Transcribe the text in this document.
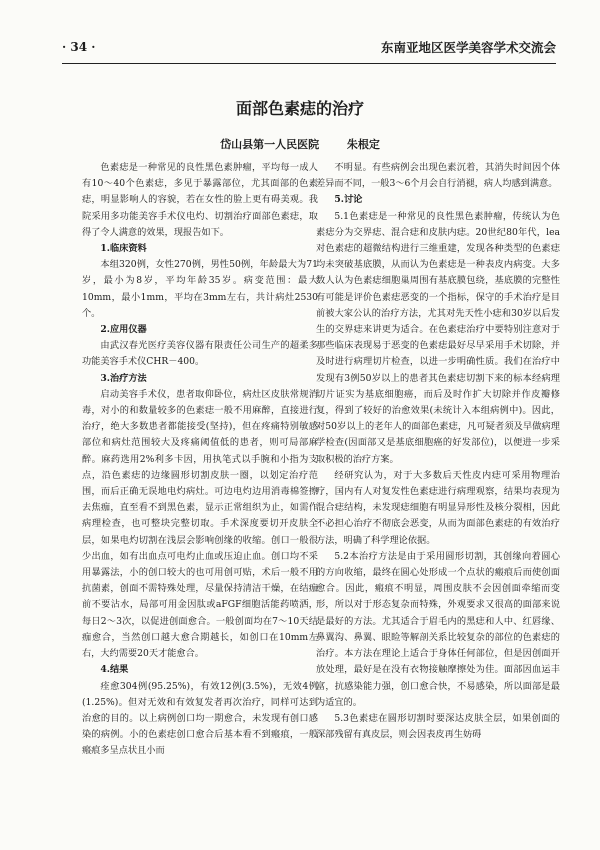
· 34 ·	东南亚地区医学美容学术交流会
面部色素痣的治疗
岱山县第一人民医院	朱根定

色素痣是一种常见的良性黑色素肿瘤，平均每一成人有10～40个色素痣，多见于暴露部位，尤其面部的色素痣，明显影响人的容貌，若在女性的脸上更有碍美观。我院采用多功能美容手术仪电灼、切割治疗面部色素痣，取得了令人满意的效果，现报告如下。

1.临床资料

本组320例，女性270例，男性50例，年龄最大为71岁，最小为8岁，平均年龄35岁。病变范围：最大10mm，最小1mm，平均在3mm左右，共计病灶2530个。

2.应用仪器

由武汉春光医疗美容仪器有限责任公司生产的超柔多功能美容手术仪CHR－400。

3.治疗方法

启动美容手术仪，患者取仰卧位，病灶区皮肤常规消毒，对小的和数量较多的色素痣一般不用麻醉，直接进行治疗，绝大多数患者都能接受(坚持)，但在疼痛特别敏感部位和病灶范围较大及疼痛阈值低的患者，则可局部麻醉。麻药选用2%利多卡因，用执笔式以手腕和小指为支点，沿色素痣的边缘圆形切割皮肤一圈，以划定治疗范围，而后正确无误地电灼病灶。可边电灼边用消毒棉签擦去焦痂，直至看不到黑色素，显示正常组织为止，如需作病理检查，也可整块完整切取。手术深度要切开皮肤全层，如果电灼切割在浅层会影响创缘的收缩。创口一般很少出血，如有出血点可电灼止血或压迫止血。创口均不采用暴露法，小的创口较大的也可用创可贴，术后一般不用抗菌素，创面不需特殊处理，尽量保持清洁干燥，在结痂前不要沾水，局部可用金因肽或aFGF细胞活能药喷洒，每日2～3次，以促进创面愈合。一般创面均在7～10天结痂愈合，当然创口越大愈合期越长，如创口在10mm左右，大约需要20天才能愈合。

4.结果

痊愈304例(95.25%)，有效12例(3.5%)，无效4例(1.25%)。但对无效和有效复发者再次治疗，同样可达到治愈的目的。以上病例创口均一期愈合，未发现有创口感染的病例。小的色素痣创口愈合后基本看不到瘢痕，一般瘢痕多呈点状且小而

不明显。有些病例会出现色素沉着，其消失时间因个体差异而不同，一般3～6个月会自行消褪，病人均感到满意。

5.讨论

5.1色素痣是一种常见的良性黑色素肿瘤，传统认为色素痣分为交界痣、混合痣和皮肤内痣。20世纪80年代，lea对色素痣的超微结构进行三维重建，发现各种类型的色素痣均未突破基底膜，从而认为色素痣是一种表皮内病变。大多数人认为色素痣细胞巢周围有基底膜包绕，基底膜的完整性有可能是评价色素痣恶变的一个指标，保守的手术治疗是目前被大家公认的治疗方法，尤其对先天性小痣和30岁以后发生的交界痣来讲更为适合。在色素痣治疗中要特别注意对于那些临床表现易于恶变的色素痣最好尽早采用手术切除，并及时进行病理切片检查，以进一步明确性质。我们在治疗中发现有3例50岁以上的患者其色素痣切割下来的标本经病理切片证实为基底细胞癌，而后及时作扩大切除并作皮瓣修复，得到了较好的治愈效果(未统计入本组病例中)。因此，对50岁以上的老年人的面部色素痣，凡可疑者须及早做病理学检查(因面部又是基底细胞癌的好发部位)，以便进一步采取积极的治疗方案。

经研究认为，对于大多数后天性皮内痣可采用物理治疗，国内有人对复发性色素痣进行病理观察，结果均表现为混合痣结构，未发现痣细胞有明显异形性及核分裂相，因此不必担心治疗不彻底会恶变，从而为面部色素痣的有效治疗方法，明确了科学理论依据。

5.2本治疗方法是由于采用圆形切割，其创缘向着圆心的方向收缩，最终在圆心处形成一个点状的瘢痕后而使创面愈合。因此，瘢痕不明显，周围皮肤不会因创面牵缩而变形，所以对于形态复杂而特殊，外观要求又很高的面部来说是最好的方法。尤其适合于眉毛内的黑痣和人中、红唇缘、鼻翼沟、鼻翼、眼睑等解剖关系比较复杂的部位的色素痣的治疗。本方法在理论上适合于身体任何部位，但是因创面开放处理，最好是在没有衣物接触摩擦处为佳。面部因血运丰富，抗感染能力强，创口愈合快，不易感染，所以面部是最为适宜的。

5.3色素痣在圆形切割时要深达皮肤全层，如果创面的深部残留有真皮层，则会因表皮再生妨碍
